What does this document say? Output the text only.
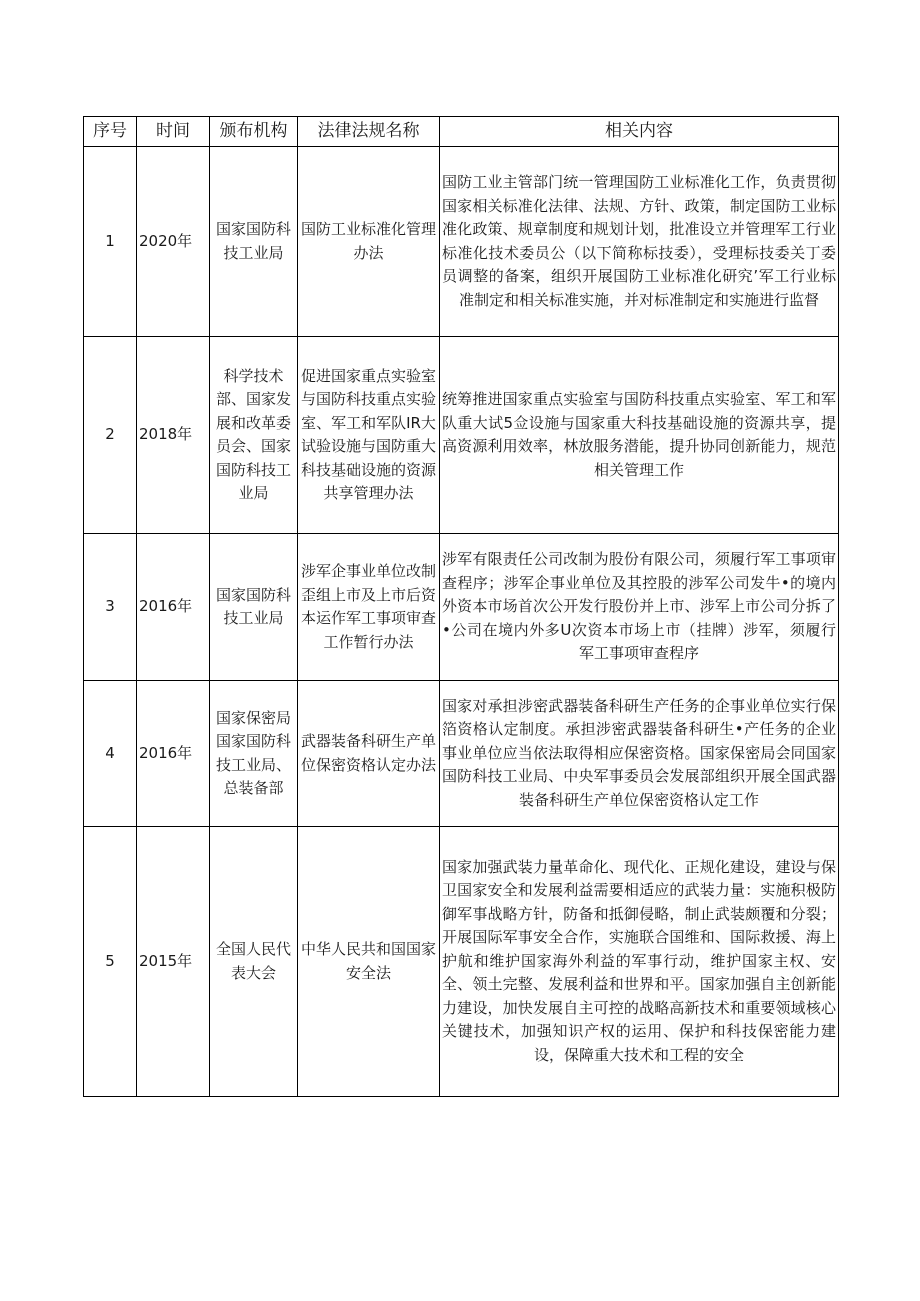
序号	时间	颁布机构	法律法规名称	相关内容
1	2020年	国家国防科技工业局	国防工业标准化管理办法	国防工业主管部门统一管理国防工业标准化工作，负责贯彻国家相关标准化法律、法规、方针、政策，制定国防工业标准化政策、规章制度和规划计划，批准设立并管理军工行业标准化技术委员公（以下简称标技委），受理标技委关丁委员调整的备案，组织开展国防工业标准化研究’军工行业标准制定和相关标准实施，并对标准制定和实施进行监督
2	2018年	科学技术部、国家发展和改革委员会、国家国防科技工业局	促进国家重点实验室与国防科技重点实验室、军工和军队IR大试验设施与国防重大科技基础设施的资源共享管理办法	统筹推进国家重点实验室与国防科技重点实验室、军工和军队重大试5佥设施与国家重大科技基础设施的资源共享，提高资源利用效率，林放服务潜能，提升协同创新能力，规范相关管理工作
3	2016年	国家国防科技工业局	涉军企事业单位改制歪组上市及上市后资本运作军工事项审查工作暂行办法	涉军有限责任公司改制为股份有限公司，须履行军工事项审查程序；涉军企事业单位及其控股的涉军公司发牛•的境内外资本市场首次公开发行股份并上市、涉军上市公司分拆了•公司在境内外多U次资本市场上市（挂牌）涉军，须履行军工事项审查程序
4	2016年	国家保密局国家国防科技工业局、总装备部	武器装备科研生产单位保密资格认定办法	国家对承担涉密武器装备科研生产任务的企事业单位实行保箔资格认定制度。承担涉密武器装备科研生•产任务的企业事业单位应当依法取得相应保密资格。国家保密局会同国家国防科技工业局、中央军事委员会发展部组织开展全国武器装备科研生产单位保密资格认定工作
5	2015年	全国人民代表大会	中华人民共和国国家安全法	国家加强武装力量革命化、现代化、正规化建设，建设与保卫国家安全和发展利益需要相适应的武装力量：实施积极防御军事战略方针，防备和抵御侵略，制止武装颇覆和分裂；开展国际军事安全合作，实施联合国维和、国际救援、海上护航和维护国家海外利益的军事行动，维护国家主权、安全、领土完整、发展利益和世界和平。国家加强自主创新能力建设，加快发展自主可控的战略高新技术和重要领域核心关键技术，加强知识产权的运用、保护和科技保密能力建设，保障重大技术和工程的安全
